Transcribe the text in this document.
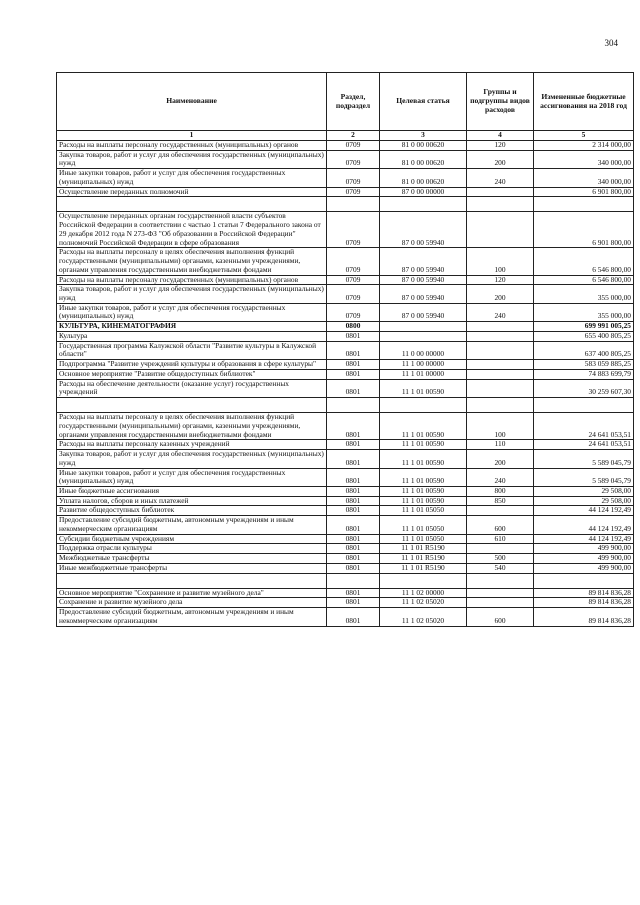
304
Наименование	Раздел, подраздел	Целевая статья	Группы и подгруппы видов расходов	Измененные бюджетные ассигнования на 2018 год
1	2	3	4	5
Расходы на выплаты персоналу государственных (муниципальных) органов	0709	81 0 00 00620	120	2 314 000,00
Закупка товаров, работ и услуг для обеспечения государственных (муниципальных) нужд	0709	81 0 00 00620	200	340 000,00
Иные закупки товаров, работ и услуг для обеспечения государственных (муниципальных) нужд	0709	81 0 00 00620	240	340 000,00
Осуществление переданных полномочий	0709	87 0 00 00000		6 901 800,00

Осуществление переданных органам государственной власти субъектов Российской Федерации в соответствии с частью 1 статьи 7 Федерального закона от 29 декабря 2012 года N 273-ФЗ "Об образовании в Российской Федерации" полномочий Российской Федерации в сфере образования	0709	87 0 00 59940		6 901 800,00
Расходы на выплаты персоналу в целях обеспечения выполнения функций государственными (муниципальными) органами, казенными учреждениями, органами управления государственными внебюджетными фондами	0709	87 0 00 59940	100	6 546 800,00
Расходы на выплаты персоналу государственных (муниципальных) органов	0709	87 0 00 59940	120	6 546 800,00
Закупка товаров, работ и услуг для обеспечения государственных (муниципальных) нужд	0709	87 0 00 59940	200	355 000,00
Иные закупки товаров, работ и услуг для обеспечения государственных (муниципальных) нужд	0709	87 0 00 59940	240	355 000,00
КУЛЬТУРА, КИНЕМАТОГРАФИЯ	0800			699 991 005,25
Культура	0801			655 400 805,25
Государственная программа Калужской области "Развитие культуры в Калужской области"	0801	11 0 00 00000		637 400 805,25
Подпрограмма "Развитие учреждений культуры и образования в сфере культуры"	0801	11 1 00 00000		583 059 885,25
Основное мероприятие "Развитие общедоступных библиотек"	0801	11 1 01 00000		74 883 699,79
Расходы на обеспечение деятельности (оказание услуг) государственных учреждений	0801	11 1 01 00590		30 259 607,30

Расходы на выплаты персоналу в целях обеспечения выполнения функций государственными (муниципальными) органами, казенными учреждениями, органами управления государственными внебюджетными фондами	0801	11 1 01 00590	100	24 641 053,51
Расходы на выплаты персоналу казенных учреждений	0801	11 1 01 00590	110	24 641 053,51
Закупка товаров, работ и услуг для обеспечения государственных (муниципальных) нужд	0801	11 1 01 00590	200	5 589 045,79
Иные закупки товаров, работ и услуг для обеспечения государственных (муниципальных) нужд	0801	11 1 01 00590	240	5 589 045,79
Иные бюджетные ассигнования	0801	11 1 01 00590	800	29 508,00
Уплата налогов, сборов и иных платежей	0801	11 1 01 00590	850	29 508,00
Развитие общедоступных библиотек	0801	11 1 01 05050		44 124 192,49
Предоставление субсидий бюджетным, автономным учреждениям и иным некоммерческим организациям	0801	11 1 01 05050	600	44 124 192,49
Субсидии бюджетным учреждениям	0801	11 1 01 05050	610	44 124 192,49
Поддержка отрасли культуры	0801	11 1 01 R5190		499 900,00
Межбюджетные трансферты	0801	11 1 01 R5190	500	499 900,00
Иные межбюджетные трансферты	0801	11 1 01 R5190	540	499 900,00

Основное мероприятие "Сохранение и развитие музейного дела"	0801	11 1 02 00000		89 814 836,28
Сохранение и развитие музейного дела	0801	11 1 02 05020		89 814 836,28
Предоставление субсидий бюджетным, автономным учреждениям и иным некоммерческим организациям	0801	11 1 02 05020	600	89 814 836,28
